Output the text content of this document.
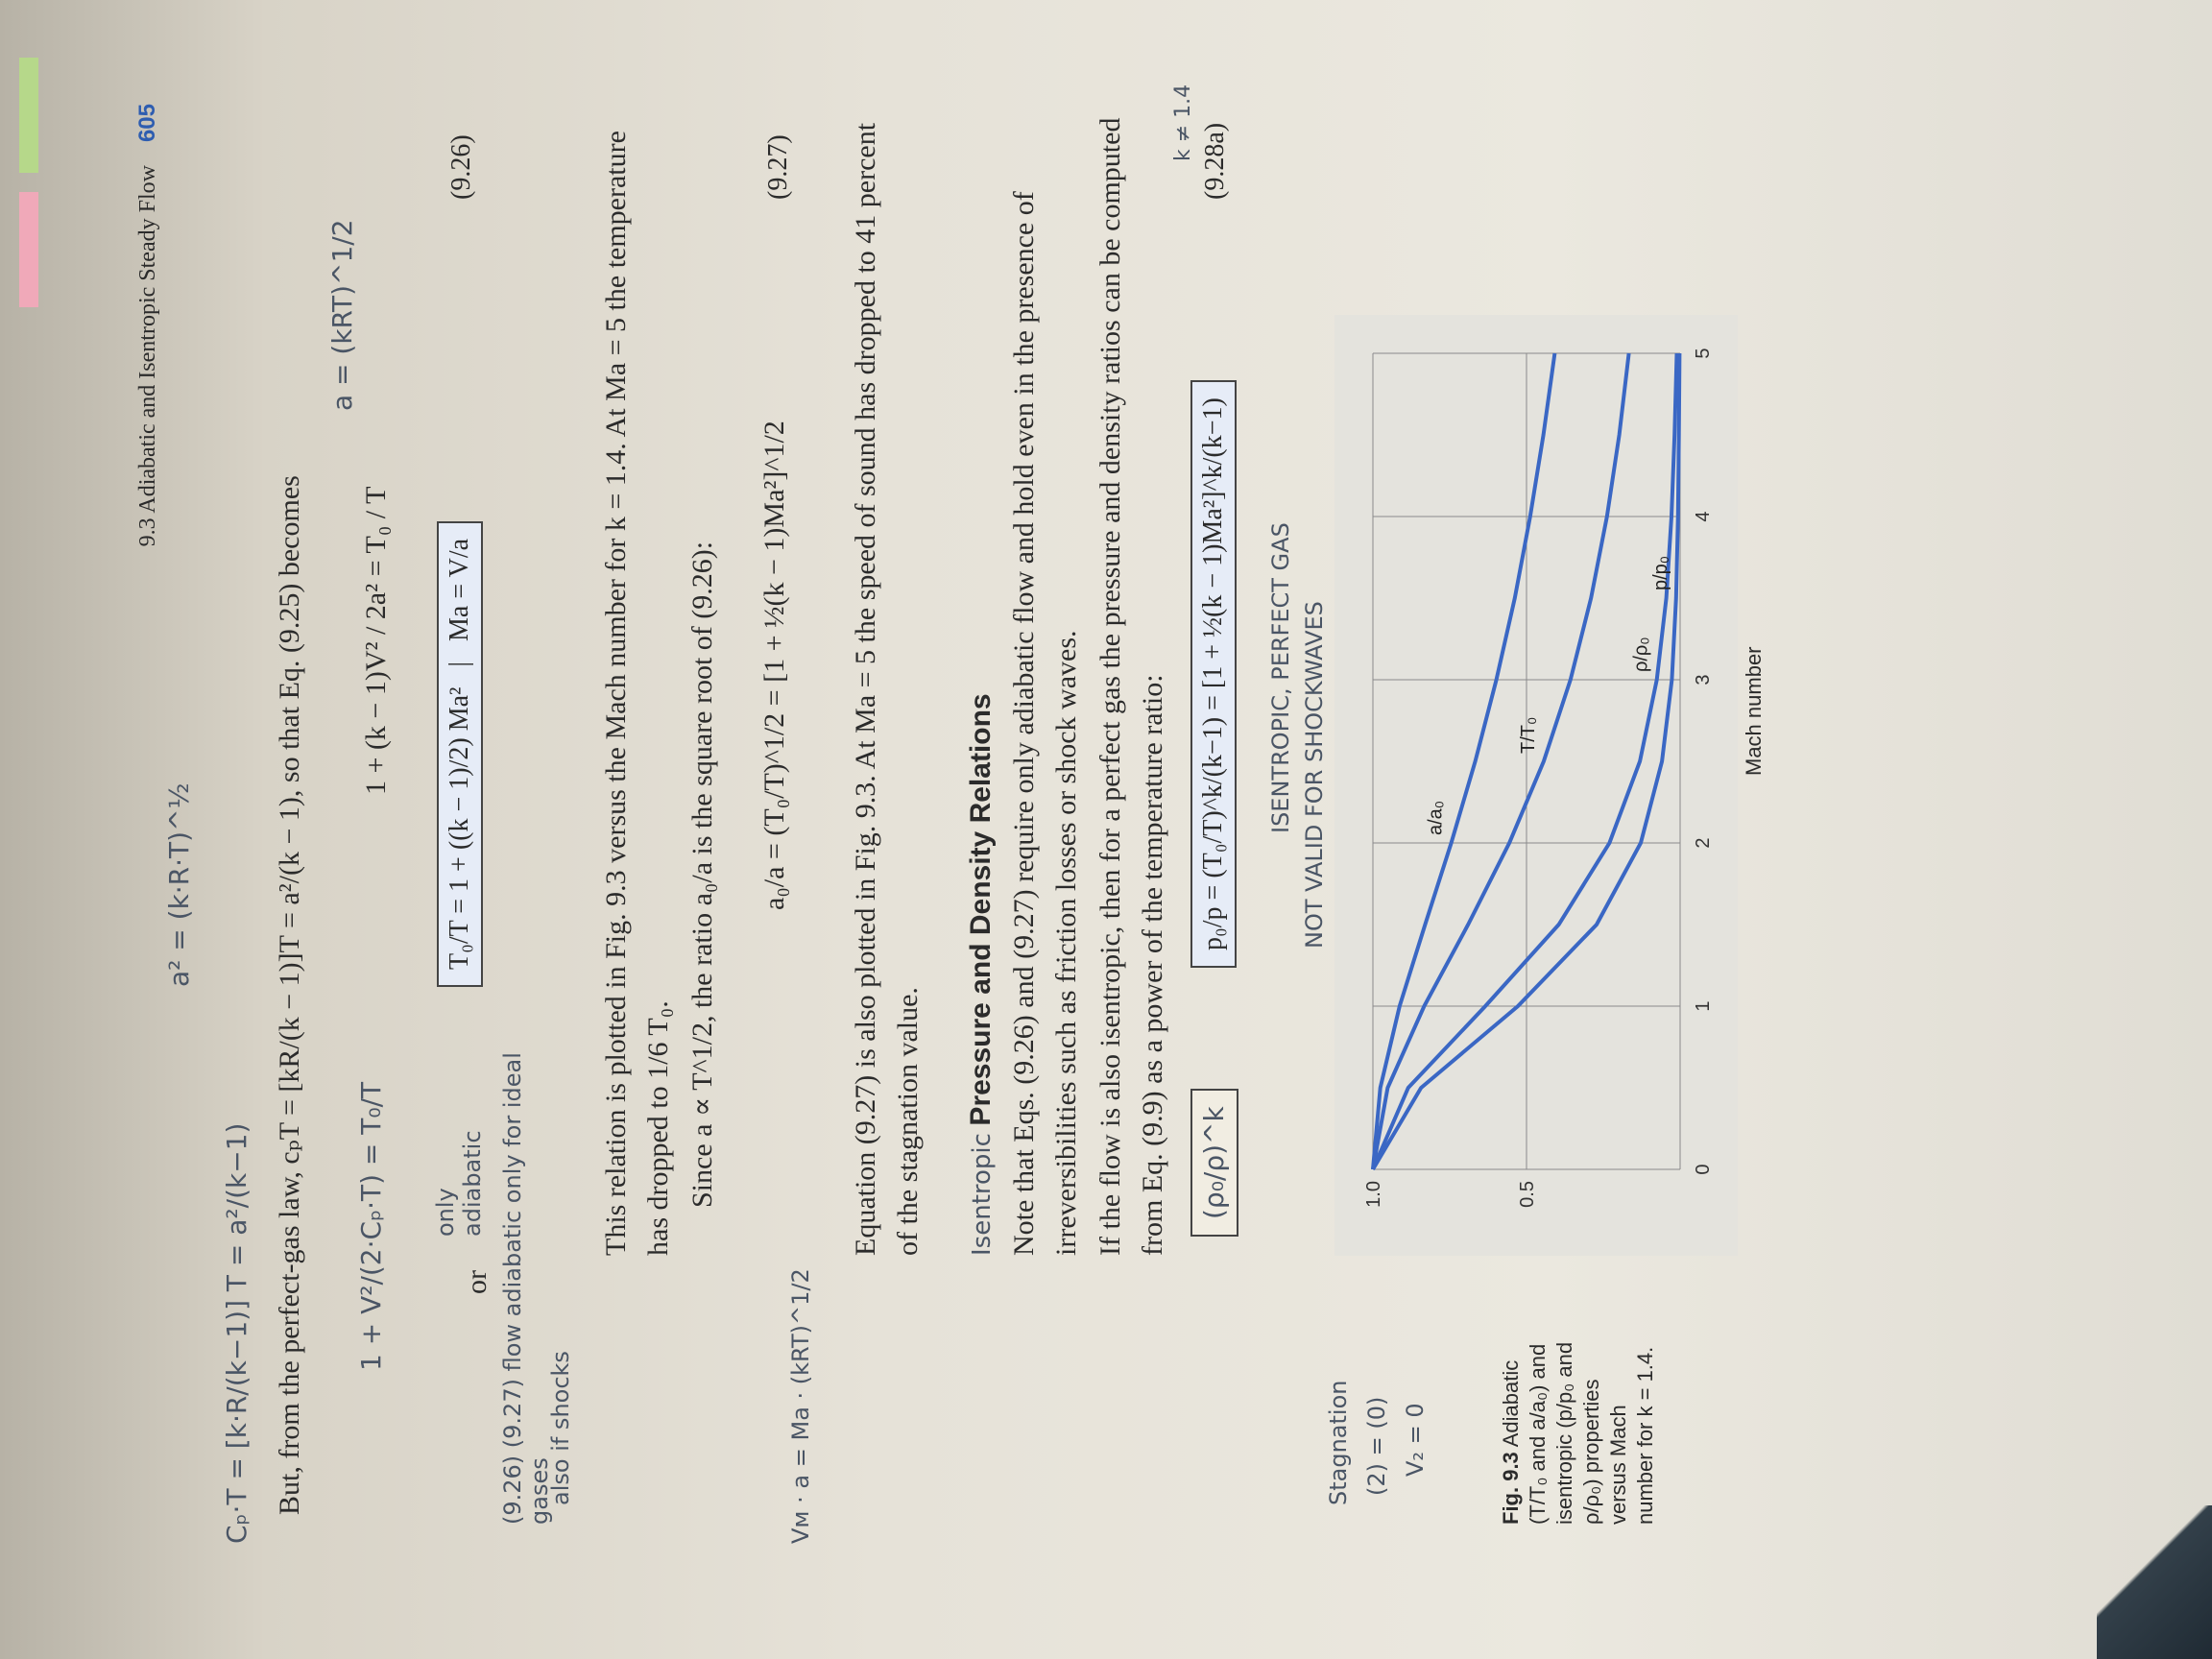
9.3 Adiabatic and Isentropic Steady Flow 605
Cₚ·T = [k·R/(k−1)] T = a²/(k−1)
a² = (k·R·T)^½	But, from the perfect-gas law, cₚT = [kR/(k − 1)]T = a²/(k − 1), so that Eq. (9.25) becomes 1 + V²/(2·Cₚ·T) = T₀/T
1 + (k − 1)V² / 2a² = T₀ / T
a = (kRT)^1/2
or
only adiabatic
T₀/T = 1 + ((k − 1)/2) Ma²   |   Ma = V/a
(9.26)
(9.26) (9.27) flow adiabatic only for ideal gases
also if shocks
This relation is plotted in Fig. 9.3 versus the Mach number for k = 1.4. At Ma = 5 the temperature has dropped to 1/6 T₀. Since a ∝ T^1/2, the ratio a₀/a is the square root of (9.26): a₀/a = (T₀/T)^1/2 = [1 + ½(k − 1)Ma²]^1/2
(9.27) Equation (9.27) is also plotted in Fig. 9.3. At Ma = 5 the speed of sound has dropped to 41 percent of the stagnation value.
Vᴍ · a = Ma · (kRT)^1/2
Isentropic Pressure and Density Relations Note that Eqs. (9.26) and (9.27) require only adiabatic flow and hold even in the presence of irreversibilities such as friction losses or shock waves. If the flow is also isentropic, then for a perfect gas the pressure and density ratios can be computed from Eq. (9.9) as a power of the temperature ratio:
k ≠ 1.4
(ρ₀/ρ)^k
p₀/p = (T₀/T)^k/(k−1) = [1 + ½(k − 1)Ma²]^k/(k−1)
(9.28a)
ISENTROPIC, PERFECT GAS NOT VALID FOR SHOCKWAVES	a/a₀
T/T₀
ρ/ρ₀
p/p₀
0
1
2
3
4
5
0.5
1.0
Mach number
Stagnation (2) = (0) V₂ = 0
Fig. 9.3 Adiabatic (T/T₀ and a/a₀) and isentropic (p/p₀ and ρ/ρ₀) properties versus Mach number for k = 1.4.
